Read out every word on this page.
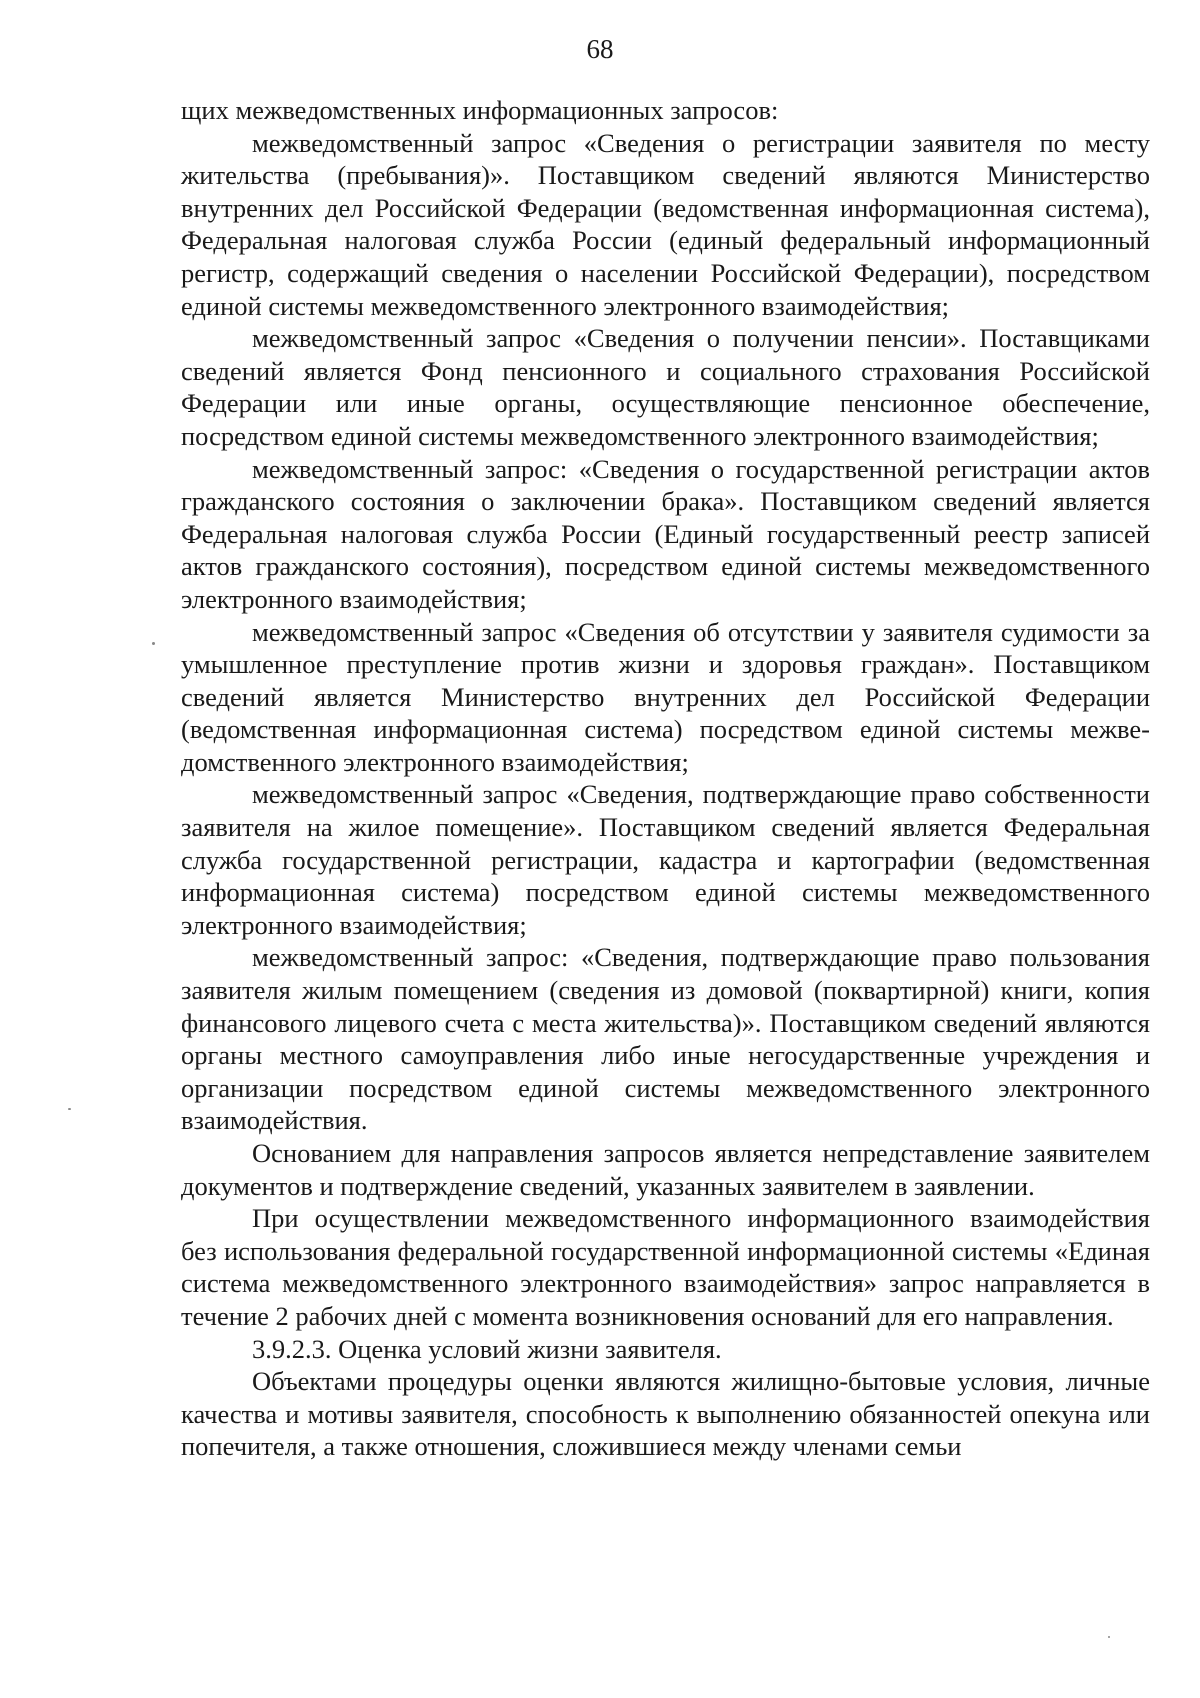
68

щих межведомственных информационных запросов:

межведомственный запрос «Сведения о регистрации заявителя по месту жительства (пребывания)». Поставщиком сведений являются Министерство внутренних дел Российской Федерации (ведомственная информационная система), Федеральная налоговая служба России (единый федеральный информационный регистр, содержащий сведения о населении Российской Федерации), посредством единой системы межведомственного электронного взаимодействия;

межведомственный запрос «Сведения о получении пенсии». Поставщиками сведений является Фонд пенсионного и социального страхования Российской Федерации или иные органы, осуществляющие пенсионное обеспечение, посредством единой системы межведомственного электронного взаимодействия;

межведомственный запрос: «Сведения о государственной регистрации актов гражданского состояния о заключении брака». Поставщиком сведений является Федеральная налоговая служба России (Единый государственный реестр записей актов гражданского состояния), посредством единой системы межведомственного электронного взаимодействия;

межведомственный запрос «Сведения об отсутствии у заявителя судимости за умышленное преступление против жизни и здоровья граждан». Поставщиком сведений является Министерство внутренних дел Российской Федерации (ведомственная информационная система) посредством единой системы межведомственного электронного взаимодействия;

межведомственный запрос «Сведения, подтверждающие право собственности заявителя на жилое помещение». Поставщиком сведений является Федеральная служба государственной регистрации, кадастра и картографии (ведомственная информационная система) посредством единой системы межведомственного электронного взаимодействия;

межведомственный запрос: «Сведения, подтверждающие право пользования заявителя жилым помещением (сведения из домовой (поквартирной) книги, копия финансового лицевого счета с места жительства)». Поставщиком сведений являются органы местного самоуправления либо иные негосударственные учреждения и организации посредством единой системы межведомственного электронного взаимодействия.

Основанием для направления запросов является непредставление заявителем документов и подтверждение сведений, указанных заявителем в заявлении.

При осуществлении межведомственного информационного взаимодействия без использования федеральной государственной информационной системы «Единая система межведомственного электронного взаимодействия» запрос направляется в течение 2 рабочих дней с момента возникновения оснований для его направления.

3.9.2.3. Оценка условий жизни заявителя.

Объектами процедуры оценки являются жилищно-бытовые условия, личные качества и мотивы заявителя, способность к выполнению обязанностей опекуна или попечителя, а также отношения, сложившиеся между членами семьи
